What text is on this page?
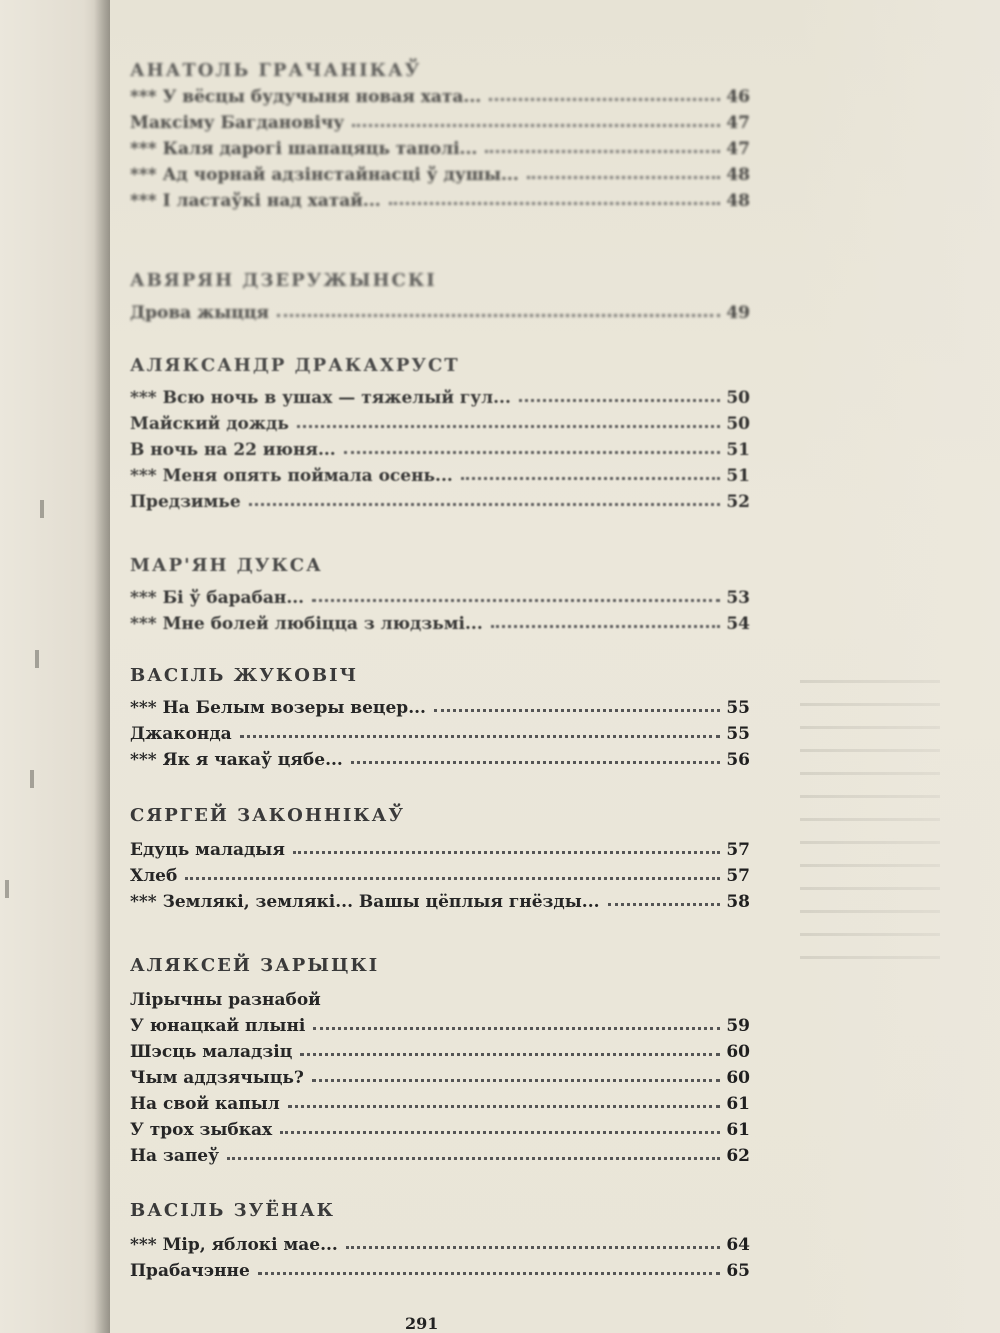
АНАТОЛЬ ГРАЧАНІКАЎ
*** У вёсцы будучыня новая хата...	46
Максіму Багдановічу	47
*** Каля дарогі шапацяць таполі...	47
*** Ад чорнай адзінстайнасці ў душы...	48
*** І ластаўкі над хатай...	48
АВЯРЯН ДЗЕРУЖЫНСКІ
Дрова жыцця	49
АЛЯКСАНДР ДРАКАХРУСТ
*** Всю ночь в ушах — тяжелый гул...	50
Майский дождь	50
В ночь на 22 июня...	51
*** Меня опять поймала осень...	51
Предзимье	52
МАР'ЯН ДУКСА
*** Бі ў барабан...	53
*** Мне болей любіцца з людзьмі...	54
ВАСІЛЬ ЖУКОВІЧ
*** На Белым возеры вецер...	55
Джаконда	55
*** Як я чакаў цябе...	56
СЯРГЕЙ ЗАКОННІКАЎ
Едуць маладыя	57
Хлеб	57
*** Землякі, землякі... Вашы цёплыя гнёзды...	58
АЛЯКСЕЙ ЗАРЫЦКІ
Лірычны разнабой
У юнацкай плыні	59
Шэсць маладзіц	60
Чым аддзячыць?	60
На свой капыл	61
У трох зыбках	61
На запеў	62
ВАСІЛЬ ЗУЁНАК
*** Мір, яблокі мае...	64
Прабачэнне	65
291
